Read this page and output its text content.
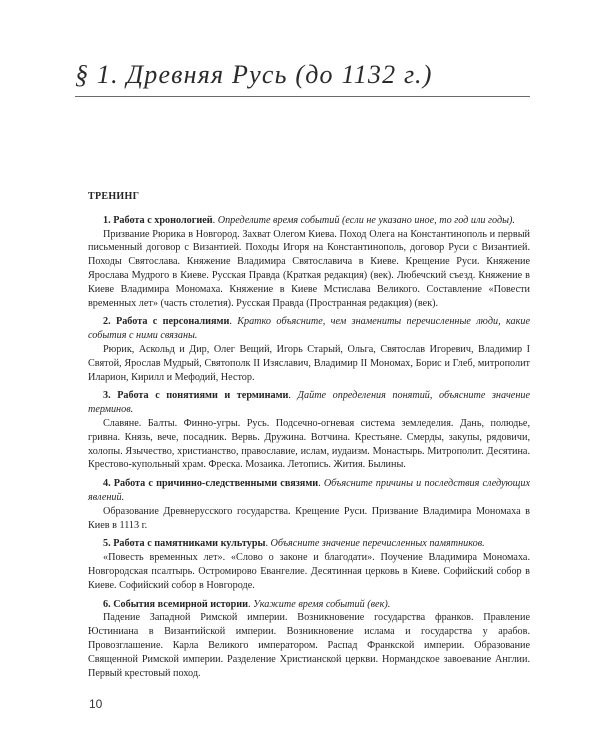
§ 1. Древняя Русь (до 1132 г.)
ТРЕНИНГ

1. Работа с хронологией. Определите время событий (если не указано иное, то год или годы).

Призвание Рюрика в Новгород. Захват Олегом Киева. Поход Олега на Константинополь и первый письменный договор с Византией. Походы Игоря на Константинополь, договор Руси с Византией. Походы Святослава. Княжение Владимира Святославича в Киеве. Крещение Руси. Княжение Ярослава Мудрого в Киеве. Русская Правда (Краткая редакция) (век). Любечский съезд. Княжение в Киеве Владимира Мономаха. Княжение в Киеве Мстислава Великого. Составление «Повести временных лет» (часть столетия). Русская Правда (Пространная редакция) (век).

2. Работа с персоналиями. Кратко объясните, чем знамениты перечисленные люди, какие события с ними связаны.

Рюрик, Аскольд и Дир, Олег Вещий, Игорь Старый, Ольга, Святослав Игоревич, Владимир I Святой, Ярослав Мудрый, Святополк II Изяславич, Владимир II Мономах, Борис и Глеб, митрополит Иларион, Кирилл и Мефодий, Нестор.

3. Работа с понятиями и терминами. Дайте определения понятий, объясните значение терминов.

Славяне. Балты. Финно-угры. Русь. Подсечно-огневая система земледелия. Дань, полюдье, гривна. Князь, вече, посадник. Вервь. Дружина. Вотчина. Крестьяне. Смерды, закупы, рядовичи, холопы. Язычество, христианство, православие, ислам, иудаизм. Монастырь. Митрополит. Десятина. Крестово-купольный храм. Фреска. Мозаика. Летопись. Жития. Былины.

4. Работа с причинно-следственными связями. Объясните причины и последствия следующих явлений.

Образование Древнерусского государства. Крещение Руси. Призвание Владимира Мономаха в Киев в 1113 г.

5. Работа с памятниками культуры. Объясните значение перечисленных памятников.

«Повесть временных лет». «Слово о законе и благодати». Поучение Владимира Мономаха. Новгородская псалтырь. Остромирово Евангелие. Десятинная церковь в Киеве. Софийский собор в Киеве. Софийский собор в Новгороде.

6. События всемирной истории. Укажите время событий (век).

Падение Западной Римской империи. Возникновение государства франков. Правление Юстиниана в Византийской империи. Возникновение ислама и государства у арабов. Провозглашение. Карла Великого императором. Распад Франкской империи. Образование Священной Римской империи. Разделение Христианской церкви. Нормандское завоевание Англии. Первый крестовый поход.

10
